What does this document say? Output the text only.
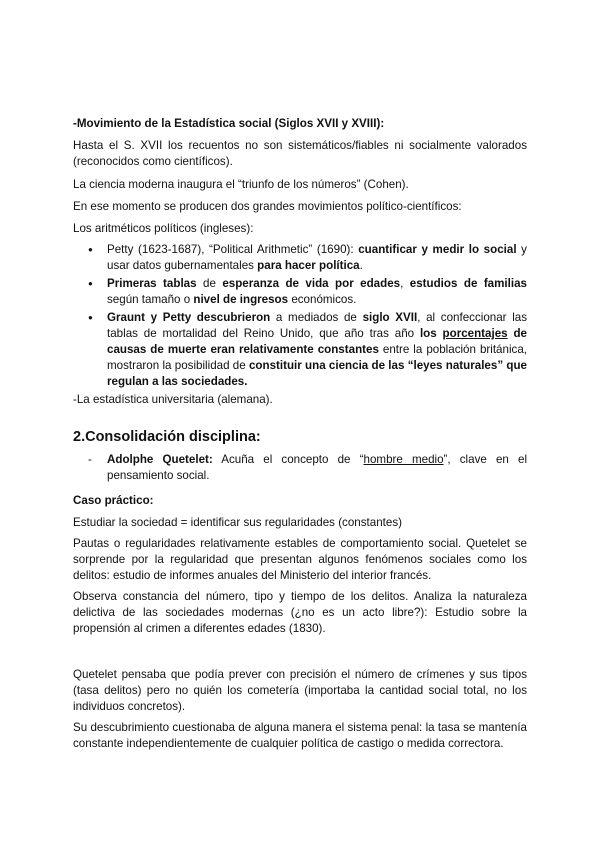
-Movimiento de la Estadística social (Siglos XVII y XVIII):

Hasta el S. XVII los recuentos no son sistemáticos/fiables ni socialmente valorados (reconocidos como científicos).

La ciencia moderna inaugura el “triunfo de los números” (Cohen).

En ese momento se producen dos grandes movimientos político-científicos:

Los aritméticos políticos (ingleses):

● Petty (1623-1687), “Political Arithmetic” (1690): cuantificar y medir lo social y usar datos gubernamentales para hacer política.
● Primeras tablas de esperanza de vida por edades, estudios de familias según tamaño o nivel de ingresos económicos.
● Graunt y Petty descubrieron a mediados de siglo XVII, al confeccionar las tablas de mortalidad del Reino Unido, que año tras año los porcentajes de causas de muerte eran relativamente constantes entre la población británica, mostraron la posibilidad de constituir una ciencia de las “leyes naturales” que regulan a las sociedades.

-La estadística universitaria (alemana).

2.Consolidación disciplina:

- Adolphe Quetelet: Acuña el concepto de “hombre medio”, clave en el pensamiento social.

Caso práctico:

Estudiar la sociedad = identificar sus regularidades (constantes)

Pautas o regularidades relativamente estables de comportamiento social. Quetelet se sorprende por la regularidad que presentan algunos fenómenos sociales como los delitos: estudio de informes anuales del Ministerio del interior francés.

Observa constancia del número, tipo y tiempo de los delitos. Analiza la naturaleza delictiva de las sociedades modernas (¿no es un acto libre?): Estudio sobre la propensión al crimen a diferentes edades (1830).

Quetelet pensaba que podía prever con precisión el número de crímenes y sus tipos (tasa delitos) pero no quién los cometería (importaba la cantidad social total, no los individuos concretos).

Su descubrimiento cuestionaba de alguna manera el sistema penal: la tasa se mantenía constante independientemente de cualquier política de castigo o medida correctora.
